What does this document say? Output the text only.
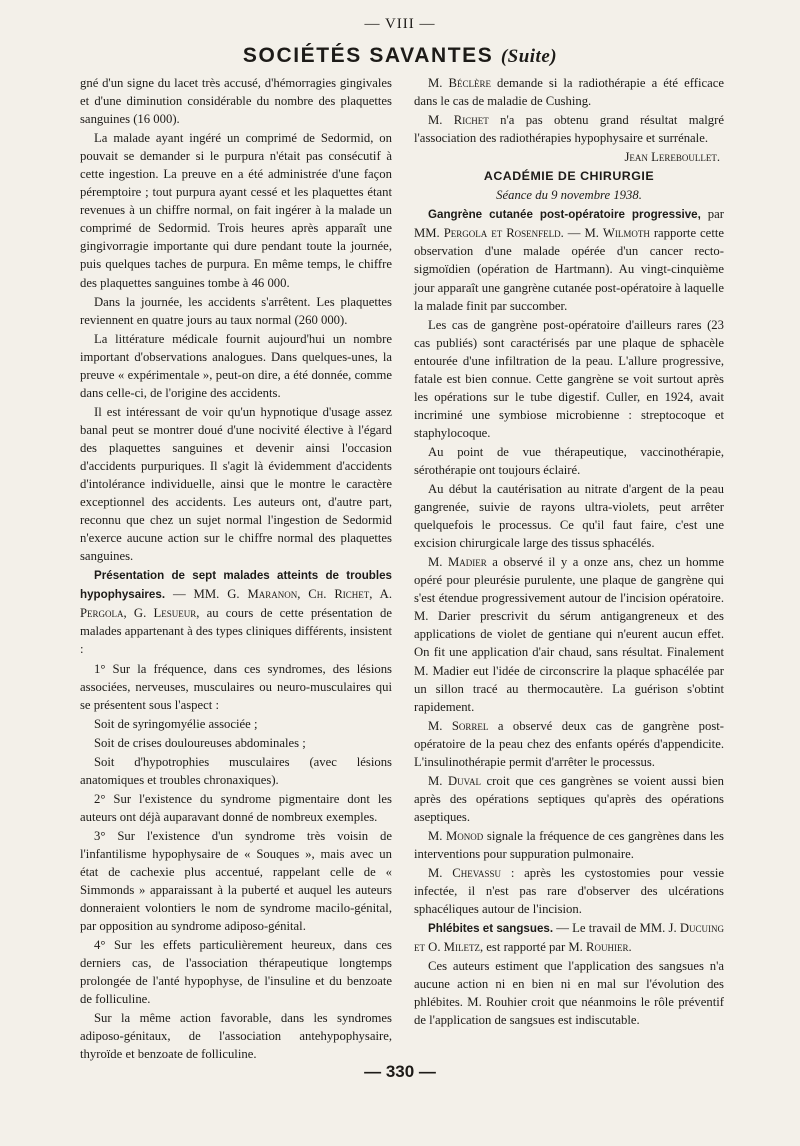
— VIII —
SOCIÉTÉS SAVANTES (Suite)

gné d'un signe du lacet très accusé, d'hémorragies gingivales et d'une diminution considérable du nombre des plaquettes sanguines (16 000).

La malade ayant ingéré un comprimé de Sedormid, on pouvait se demander si le purpura n'était pas consécutif à cette ingestion. La preuve en a été administrée d'une façon péremptoire ; tout purpura ayant cessé et les plaquettes étant revenues à un chiffre normal, on fait ingérer à la malade un comprimé de Sedormid. Trois heures après apparaît une gingivorragie importante qui dure pendant toute la journée, puis quelques taches de purpura. En même temps, le chiffre des plaquettes sanguines tombe à 46 000.

Dans la journée, les accidents s'arrêtent. Les plaquettes reviennent en quatre jours au taux normal (260 000).

La littérature médicale fournit aujourd'hui un nombre important d'observations analogues. Dans quelques-unes, la preuve « expérimentale », peut-on dire, a été donnée, comme dans celle-ci, de l'origine des accidents.

Il est intéressant de voir qu'un hypnotique d'usage assez banal peut se montrer doué d'une nocivité élective à l'égard des plaquettes sanguines et devenir ainsi l'occasion d'accidents purpuriques. Il s'agit là évidemment d'accidents d'intolérance individuelle, ainsi que le montre le caractère exceptionnel des accidents. Les auteurs ont, d'autre part, reconnu que chez un sujet normal l'ingestion de Sedormid n'exerce aucune action sur le chiffre normal des plaquettes sanguines.

Présentation de sept malades atteints de troubles hypophysaires. — MM. G. Maranon, Ch. Richet, A. Pergola, G. Lesueur, au cours de cette présentation de malades appartenant à des types cliniques différents, insistent :

1° Sur la fréquence, dans ces syndromes, des lésions associées, nerveuses, musculaires ou neuro-musculaires qui se présentent sous l'aspect :

Soit de syringomyélie associée ;

Soit de crises douloureuses abdominales ;

Soit d'hypotrophies musculaires (avec lésions anatomiques et troubles chronaxiques).

2° Sur l'existence du syndrome pigmentaire dont les auteurs ont déjà auparavant donné de nombreux exemples.

3° Sur l'existence d'un syndrome très voisin de l'infantilisme hypophysaire de « Souques », mais avec un état de cachexie plus accentué, rappelant celle de « Simmonds » apparaissant à la puberté et auquel les auteurs donneraient volontiers le nom de syndrome macilo-génital, par opposition au syndrome adiposo-génital.

4° Sur les effets particulièrement heureux, dans ces derniers cas, de l'association thérapeutique longtemps prolongée de l'anté hypophyse, de l'insuline et du benzoate de folliculine.

Sur la même action favorable, dans les syndromes adiposo-génitaux, de l'association antehypophysaire, thyroïde et benzoate de folliculine.

M. Béclère demande si la radiothérapie a été efficace dans le cas de maladie de Cushing.

M. Richet n'a pas obtenu grand résultat malgré l'association des radiothérapies hypophysaire et surrénale.

Jean Lereboullet.

ACADÉMIE DE CHIRURGIE

Séance du 9 novembre 1938.

Gangrène cutanée post-opératoire progressive, par MM. Pergola et Rosenfeld. — M. Wilmoth rapporte cette observation d'une malade opérée d'un cancer recto-sigmoïdien (opération de Hartmann). Au vingt-cinquième jour apparaît une gangrène cutanée post-opératoire à laquelle la malade finit par succomber.

Les cas de gangrène post-opératoire d'ailleurs rares (23 cas publiés) sont caractérisés par une plaque de sphacèle entourée d'une infiltration de la peau. L'allure progressive, fatale est bien connue. Cette gangrène se voit surtout après les opérations sur le tube digestif. Culler, en 1924, avait incriminé une symbiose microbienne : streptocoque et staphylocoque.

Au point de vue thérapeutique, vaccinothérapie, sérothérapie ont toujours éclairé.

Au début la cautérisation au nitrate d'argent de la peau gangrenée, suivie de rayons ultra-violets, peut arrêter quelquefois le processus. Ce qu'il faut faire, c'est une excision chirurgicale large des tissus sphacélés.

M. Madier a observé il y a onze ans, chez un homme opéré pour pleurésie purulente, une plaque de gangrène qui s'est étendue progressivement autour de l'incision opératoire. M. Darier prescrivit du sérum antigangreneux et des applications de violet de gentiane qui n'eurent aucun effet. On fit une application d'air chaud, sans résultat. Finalement M. Madier eut l'idée de circonscrire la plaque sphacélée par un sillon tracé au thermocautère. La guérison s'obtint rapidement.

M. Sorrel a observé deux cas de gangrène post-opératoire de la peau chez des enfants opérés d'appendicite. L'insulinothérapie permit d'arrêter le processus.

M. Duval croit que ces gangrènes se voient aussi bien après des opérations septiques qu'après des opérations aseptiques.

M. Monod signale la fréquence de ces gangrènes dans les interventions pour suppuration pulmonaire.

M. Chevassu : après les cystostomies pour vessie infectée, il n'est pas rare d'observer des ulcérations sphacéliques autour de l'incision.

Phlébites et sangsues. — Le travail de MM. J. Ducuing et O. Miletz, est rapporté par M. Rouhier.

Ces auteurs estiment que l'application des sangsues n'a aucune action ni en bien ni en mal sur l'évolution des phlébites. M. Rouhier croit que néanmoins le rôle préventif de l'application de sangsues est indiscutable.

— 330 —
